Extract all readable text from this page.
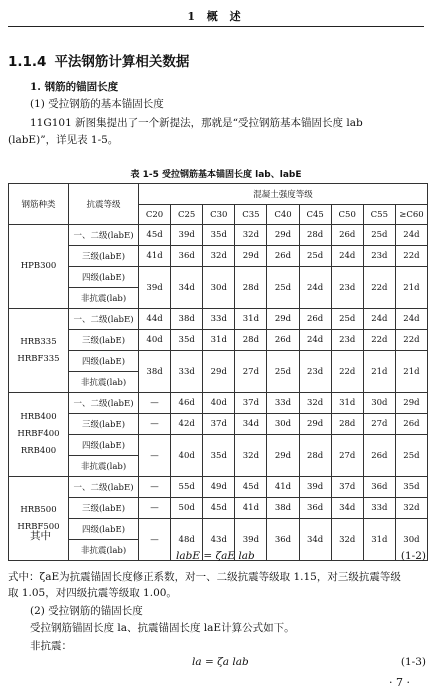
1 概 述
1.1.4 平法钢筋计算相关数据
1. 钢筋的锚固长度
(1) 受拉钢筋的基本锚固长度
11G101 新图集提出了一个新提法，那就是“受拉钢筋基本锚固长度 lab
(labE)”，详见表 1-5。
表 1-5 受拉钢筋基本锚固长度 lab、labE
钢筋种类	抗震等级	混凝土强度等级								
		C20	C25	C30	C35	C40	C45	C50	C55	≥C60

HPB300	一、二级(labE)	45d	39d	35d	32d	29d	28d	26d	25d	24d
	三级(labE)	41d	36d	32d	29d	26d	25d	24d	23d	22d
	四级(labE)	39d	34d	30d	28d	25d	24d	23d	22d	21d
	非抗震(lab)									

HRB335
HRBF335	一、二级(labE)	44d	38d	33d	31d	29d	26d	25d	24d	24d
	三级(labE)	40d	35d	31d	28d	26d	24d	23d	22d	22d
	四级(labE)	38d	33d	29d	27d	25d	23d	22d	21d	21d
	非抗震(lab)									

HRB400
HRBF400
RRB400	一、二级(labE)	—	46d	40d	37d	33d	32d	31d	30d	29d
	三级(labE)	—	42d	37d	34d	30d	29d	28d	27d	26d
	四级(labE)	—	40d	35d	32d	29d	28d	27d	26d	25d
	非抗震(lab)									

HRB500
HRBF500	一、二级(labE)	—	55d	49d	45d	41d	39d	37d	36d	35d
	三级(labE)	—	50d	45d	41d	38d	36d	34d	33d	32d
	四级(labE)	—	48d	43d	39d	36d	34d	32d	31d	30d
	非抗震(lab)									
其中
labE = ζaE lab	(1-2)
式中：ζaE为抗震锚固长度修正系数，对一、二级抗震等级取 1.15，对三级抗震等级
取 1.05，对四级抗震等级取 1.00。
(2) 受拉钢筋的锚固长度
受拉钢筋锚固长度 la、抗震锚固长度 laE计算公式如下。
非抗震：
la = ζa lab	(1-3)
· 7 ·
